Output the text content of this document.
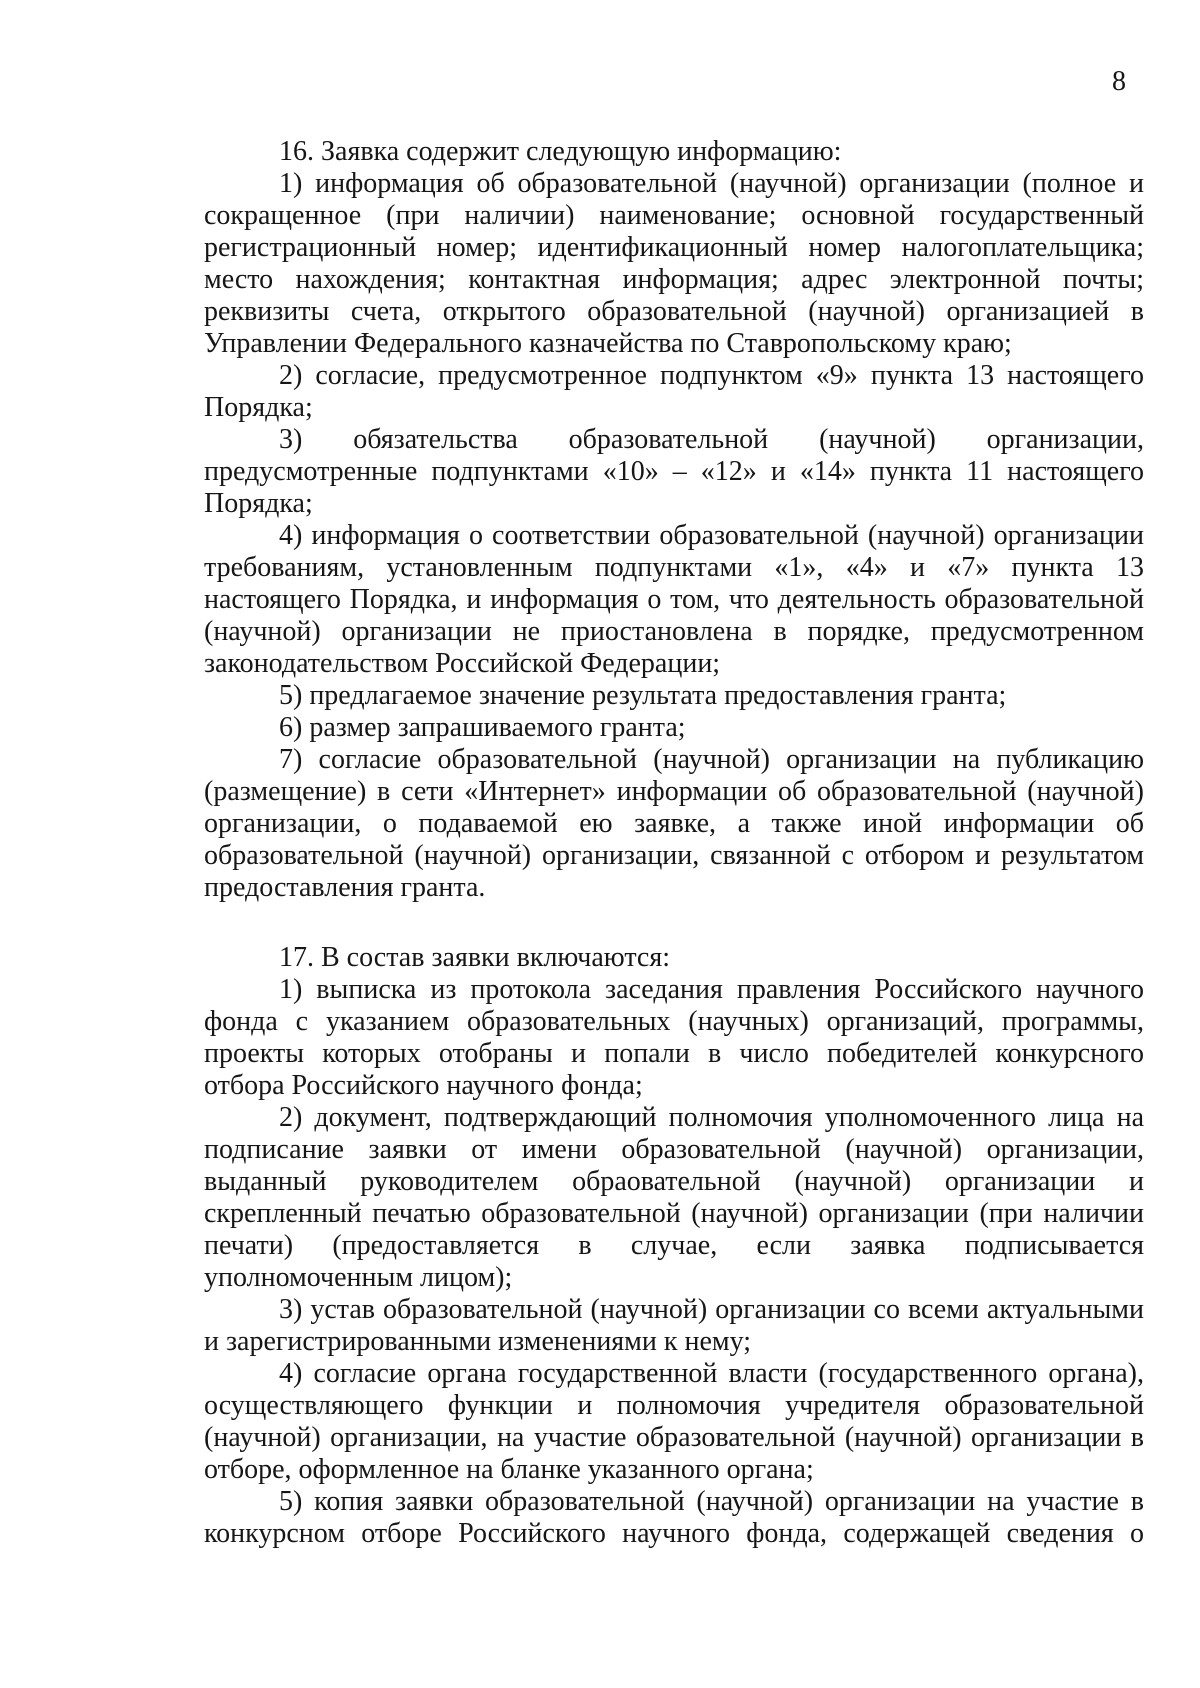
8
16. Заявка содержит следующую информацию:
1) информация об образовательной (научной) организации (полное и
сокращенное (при наличии) наименование; основной государственный
регистрационный номер; идентификационный номер налогоплательщика;
место нахождения; контактная информация; адрес электронной почты;
реквизиты счета, открытого образовательной (научной) организацией в
Управлении Федерального казначейства по Ставропольскому краю;
2) согласие, предусмотренное подпунктом «9» пункта 13 настоящего
Порядка;
3) обязательства образовательной (научной) организации,
предусмотренные подпунктами «10» – «12» и «14» пункта 11 настоящего
Порядка;
4) информация о соответствии образовательной (научной) организации
требованиям, установленным подпунктами «1», «4» и «7» пункта 13
настоящего Порядка, и информация о том, что деятельность образовательной
(научной) организации не приостановлена в порядке, предусмотренном
законодательством Российской Федерации;
5) предлагаемое значение результата предоставления гранта;
6) размер запрашиваемого гранта;
7) согласие образовательной (научной) организации на публикацию
(размещение) в сети «Интернет» информации об образовательной (научной)
организации, о подаваемой ею заявке, а также иной информации об
образовательной (научной) организации, связанной с отбором и результатом
предоставления гранта.
17. В состав заявки включаются:
1) выписка из протокола заседания правления Российского научного
фонда с указанием образовательных (научных) организаций, программы,
проекты которых отобраны и попали в число победителей конкурсного
отбора Российского научного фонда;
2) документ, подтверждающий полномочия уполномоченного лица на
подписание заявки от имени образовательной (научной) организации,
выданный руководителем обраовательной (научной) организации и
скрепленный печатью образовательной (научной) организации (при наличии
печати) (предоставляется в случае, если заявка подписывается
уполномоченным лицом);
3) устав образовательной (научной) организации со всеми актуальными
и зарегистрированными изменениями к нему;
4) согласие органа государственной власти (государственного органа),
осуществляющего функции и полномочия учредителя образовательной
(научной) организации, на участие образовательной (научной) организации в
отборе, оформленное на бланке указанного органа;
5) копия заявки образовательной (научной) организации на участие в
конкурсном отборе Российского научного фонда, содержащей сведения о
